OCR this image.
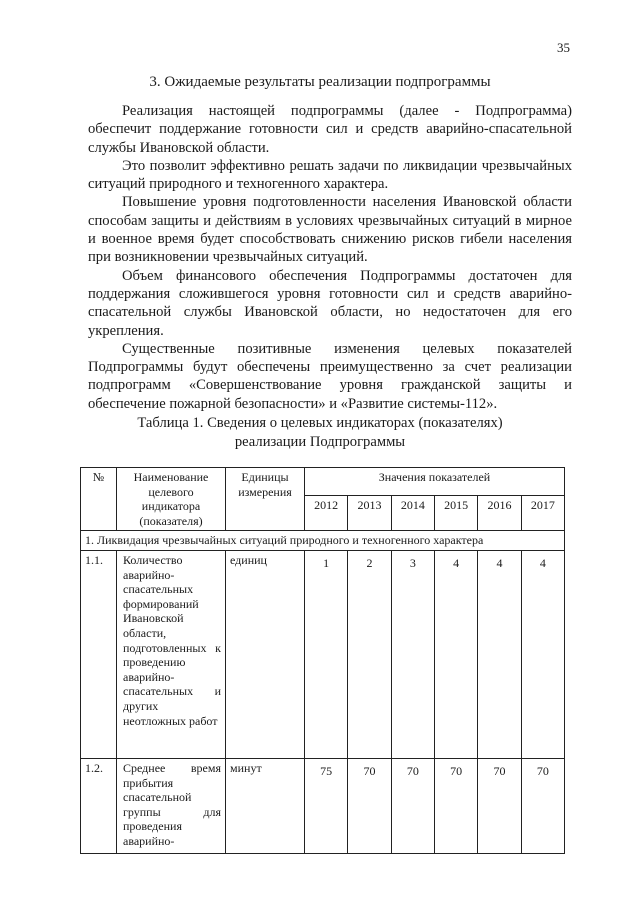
35
3. Ожидаемые результаты реализации подпрограммы

Реализация настоящей подпрограммы (далее - Подпрограмма) обеспечит поддержание готовности сил и средств аварийно-спасательной службы Ивановской области.

Это позволит эффективно решать задачи по ликвидации чрезвычайных ситуаций природного и техногенного характера.

Повышение уровня подготовленности населения Ивановской области способам защиты и действиям в условиях чрезвычайных ситуаций в мирное и военное время будет способствовать снижению рисков гибели населения при возникновении чрезвычайных ситуаций.

Объем финансового обеспечения Подпрограммы достаточен для поддержания сложившегося уровня готовности сил и средств аварийно-спасательной службы Ивановской области, но недостаточен для его укрепления.

Существенные позитивные изменения целевых показателей Подпрограммы будут обеспечены преимущественно за счет реализации подпрограмм «Совершенствование уровня гражданской защиты и обеспечение пожарной безопасности» и «Развитие системы-112».

Таблица 1. Сведения о целевых индикаторах (показателях)
реализации Подпрограммы
№	Наименование целевого индикатора (показателя)	Единицы измерения	Значения показателей					
			2012	2013	2014	2015	2016	2017
1. Ликвидация чрезвычайных ситуаций природного и техногенного характера								
1.1.	Количество аварийно-спасательных формирований Ивановской области, подготовленных к проведению аварийно-спасательных и других неотложных работ	единиц	1	2	3	4	4	4
1.2.	Среднее время прибытия спасательной группы для проведения аварийно-	минут	75	70	70	70	70	70
